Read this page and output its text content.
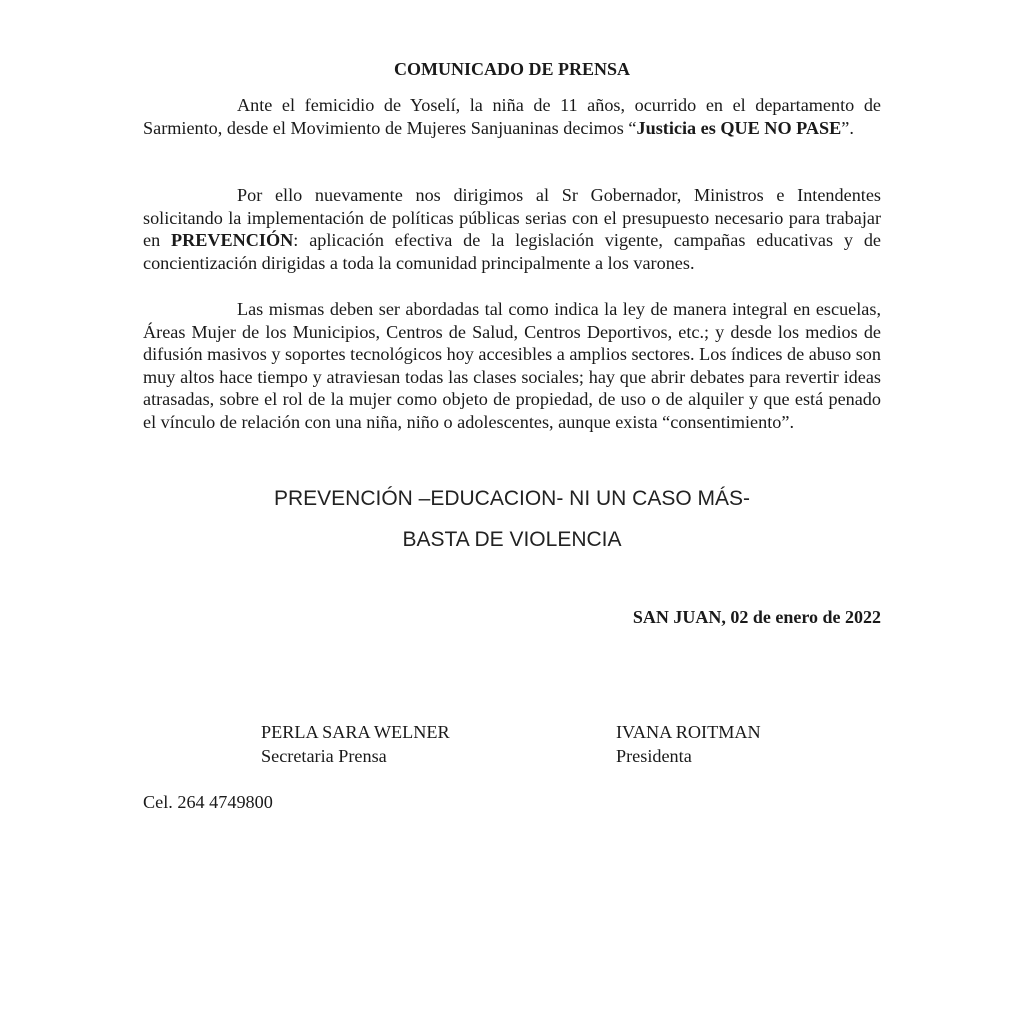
COMUNICADO DE PRENSA

Ante el femicidio de Yoselí, la niña de 11 años, ocurrido en el departamento de Sarmiento, desde el Movimiento de Mujeres Sanjuaninas decimos “Justicia es QUE NO PASE”.

Por ello nuevamente nos dirigimos al Sr Gobernador, Ministros e Intendentes solicitando la implementación de políticas públicas serias con el presupuesto necesario para trabajar en PREVENCIÓN: aplicación efectiva de la legislación vigente, campañas educativas y de concientización dirigidas a toda la comunidad principalmente a los varones.

Las mismas deben ser abordadas tal como indica la ley de manera integral en escuelas, Áreas Mujer de los Municipios, Centros de Salud, Centros Deportivos, etc.; y desde los medios de difusión masivos y soportes tecnológicos hoy accesibles a amplios sectores. Los índices de abuso son muy altos hace tiempo y atraviesan todas las clases sociales; hay que abrir debates para revertir ideas atrasadas, sobre el rol de la mujer como objeto de propiedad, de uso o de alquiler y que está penado el vínculo de relación con una niña, niño o adolescentes, aunque exista “consentimiento”.

PREVENCIÓN –EDUCACION- NI UN CASO MÁS-
BASTA DE VIOLENCIA
SAN JUAN, 02 de enero de 2022
PERLA SARA WELNER
Secretaria Prensa
IVANA ROITMAN
Presidenta
Cel. 264 4749800
